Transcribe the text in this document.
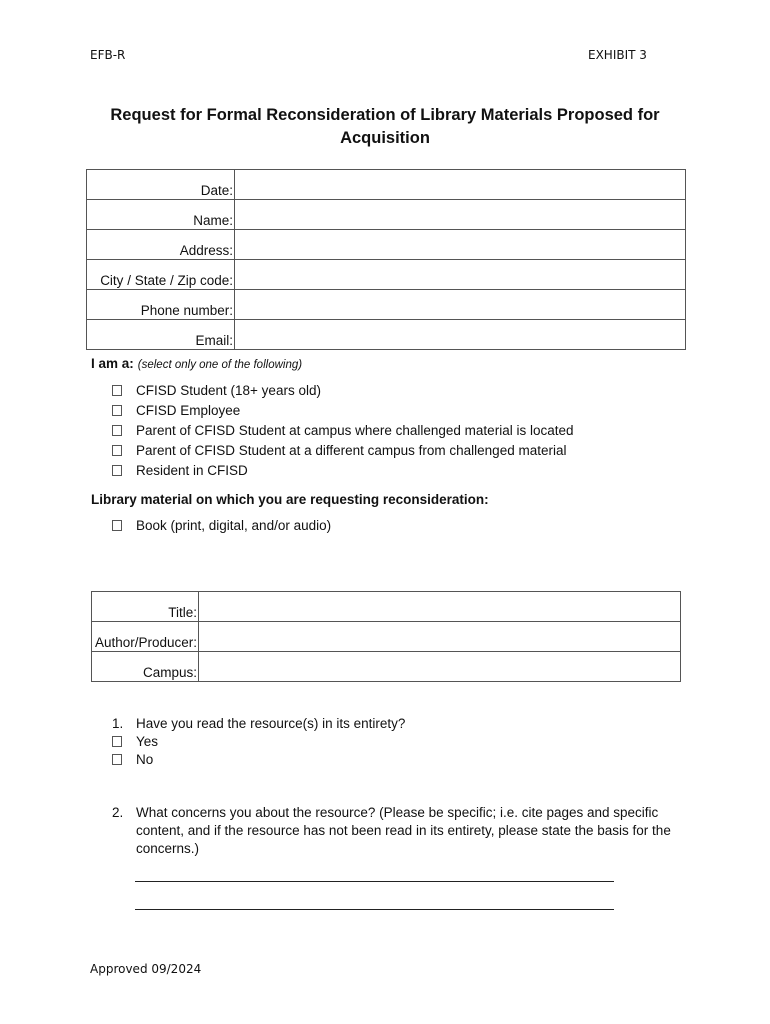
EFB-R	EXHIBIT 3
Request for Formal Reconsideration of Library Materials Proposed for Acquisition
Date:	
Name:	
Address:	
City / State / Zip code:	
Phone number:	
Email:	
I am a: (select only one of the following)
CFISD Student (18+ years old)
CFISD Employee
Parent of CFISD Student at campus where challenged material is located
Parent of CFISD Student at a different campus from challenged material
Resident in CFISD
Library material on which you are requesting reconsideration:
Book (print, digital, and/or audio)
Title:	
Author/Producer:	
Campus:	
1. Have you read the resource(s) in its entirety?
Yes
No
2. What concerns you about the resource? (Please be specific; i.e. cite pages and specific content, and if the resource has not been read in its entirety, please state the basis for the concerns.)
Approved 09/2024
